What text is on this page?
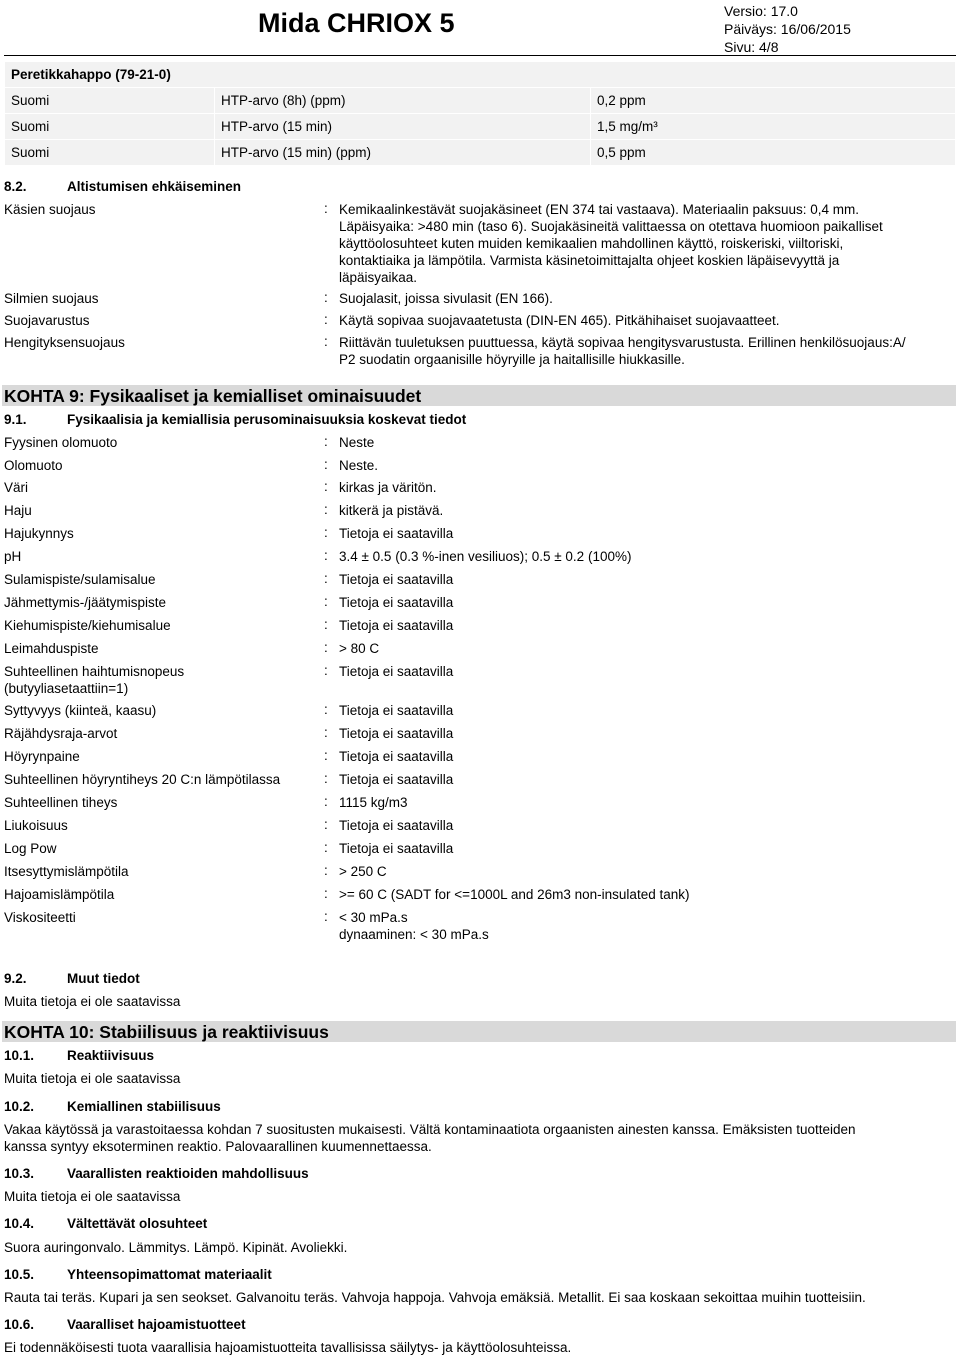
Mida CHRIOX 5	Versio: 17.0
Päiväys: 16/06/2015
Sivu: 4/8
Peretikkahappo (79-21-0)		
Suomi	HTP-arvo (8h) (ppm)	0,2 ppm
Suomi	HTP-arvo (15 min)	1,5 mg/m³
Suomi	HTP-arvo (15 min) (ppm)	0,5 ppm
8.2.	Altistumisen ehkäiseminen
Käsien suojaus	: Kemikaalinkestävät suojakäsineet (EN 374 tai vastaava). Materiaalin paksuus: 0,4 mm.
Läpäisyaika: >480 min (taso 6). Suojakäsineitä valittaessa on otettava huomioon paikalliset
käyttöolosuhteet kuten muiden kemikaalien mahdollinen käyttö, roiskeriski, viiltoriski,
kontaktiaika ja lämpötila. Varmista käsinetoimittajalta ohjeet koskien läpäisevyyttä ja
läpäisyaikaa.
Silmien suojaus	: Suojalasit, joissa sivulasit (EN 166).
Suojavarustus	: Käytä sopivaa suojavaatetusta (DIN-EN 465). Pitkähihaiset suojavaatteet.
Hengityksensuojaus	: Riittävän tuuletuksen puuttuessa, käytä sopivaa hengitysvarustusta. Erillinen henkilösuojaus:A/
P2 suodatin orgaanisille höyryille ja haitallisille hiukkasille.
KOHTA 9: Fysikaaliset ja kemialliset ominaisuudet
9.1.	Fysikaalisia ja kemiallisia perusominaisuuksia koskevat tiedot
Fyysinen olomuoto	: Neste
Olomuoto	: Neste.
Väri	: kirkas ja väritön.
Haju	: kitkerä ja pistävä.
Hajukynnys	: Tietoja ei saatavilla
pH	: 3.4 ± 0.5 (0.3 %-inen vesiliuos); 0.5 ± 0.2 (100%)
Sulamispiste/sulamisalue	: Tietoja ei saatavilla
Jähmettymis-/jäätymispiste	: Tietoja ei saatavilla
Kiehumispiste/kiehumisalue	: Tietoja ei saatavilla
Leimahduspiste	: > 80 C
Suhteellinen haihtumisnopeus
(butyyliasetaattiin=1)
: Tietoja ei saatavilla
Syttyvyys (kiinteä, kaasu)	: Tietoja ei saatavilla
Räjähdysraja-arvot	: Tietoja ei saatavilla
Höyrynpaine	: Tietoja ei saatavilla
Suhteellinen höyryntiheys 20 C:n lämpötilassa	: Tietoja ei saatavilla
Suhteellinen tiheys	: 1115 kg/m3
Liukoisuus	: Tietoja ei saatavilla
Log Pow	: Tietoja ei saatavilla
Itsesyttymislämpötila	: > 250 C
Hajoamislämpötila	: >= 60 C (SADT for <=1000L and 26m3 non-insulated tank)
Viskositeetti	: < 30 mPa.s
dynaaminen: < 30 mPa.s
9.2.	Muut tiedot
Muita tietoja ei ole saatavissa
KOHTA 10: Stabiilisuus ja reaktiivisuus
10.1. Reaktiivisuus
Muita tietoja ei ole saatavissa
10.2. Kemiallinen stabiilisuus
Vakaa käytössä ja varastoitaessa kohdan 7 suositusten mukaisesti. Vältä kontaminaatiota orgaanisten ainesten kanssa. Emäksisten tuotteiden
kanssa syntyy eksoterminen reaktio. Palovaarallinen kuumennettaessa.
10.3. Vaarallisten reaktioiden mahdollisuus
Muita tietoja ei ole saatavissa
10.4. Vältettävät olosuhteet
Suora auringonvalo. Lämmitys. Lämpö. Kipinät. Avoliekki.
10.5. Yhteensopimattomat materiaalit
Rauta tai teräs. Kupari ja sen seokset. Galvanoitu teräs. Vahvoja happoja. Vahvoja emäksiä. Metallit. Ei saa koskaan sekoittaa muihin tuotteisiin.
10.6. Vaaralliset hajoamistuotteet
Ei todennäköisesti tuota vaarallisia hajoamistuotteita tavallisissa säilytys- ja käyttöolosuhteissa.
